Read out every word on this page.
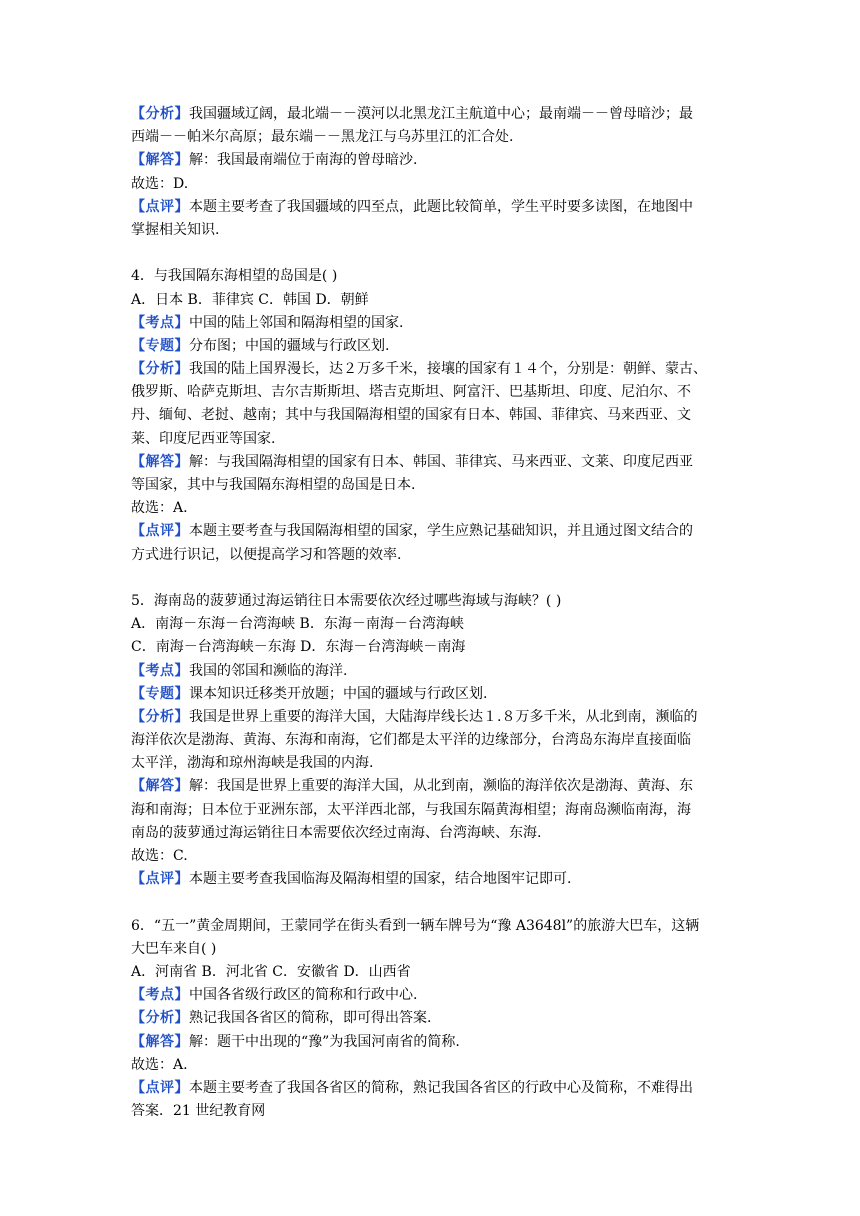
【分析】我国疆域辽阔，最北端－－漠河以北黑龙江主航道中心；最南端－－曾母暗沙；最
西端－－帕米尔高原；最东端－－黑龙江与乌苏里江的汇合处.
【解答】解：我国最南端位于南海的曾母暗沙.
故选：D.
【点评】本题主要考查了我国疆域的四至点，此题比较简单，学生平时要多读图，在地图中
掌握相关知识.
4．与我国隔东海相望的岛国是( )
A．日本 B．菲律宾 C．韩国 D．朝鲜
【考点】中国的陆上邻国和隔海相望的国家.
【专题】分布图；中国的疆域与行政区划.
【分析】我国的陆上国界漫长，达２万多千米，接壤的国家有１４个，分别是：朝鲜、蒙古、
俄罗斯、哈萨克斯坦、吉尔吉斯斯坦、塔吉克斯坦、阿富汗、巴基斯坦、印度、尼泊尔、不
丹、缅甸、老挝、越南；其中与我国隔海相望的国家有日本、韩国、菲律宾、马来西亚、文
莱、印度尼西亚等国家.
【解答】解：与我国隔海相望的国家有日本、韩国、菲律宾、马来西亚、文莱、印度尼西亚
等国家，其中与我国隔东海相望的岛国是日本.
故选：A.
【点评】本题主要考查与我国隔海相望的国家，学生应熟记基础知识，并且通过图文结合的
方式进行识记，以便提高学习和答题的效率.
5．海南岛的菠萝通过海运销往日本需要依次经过哪些海域与海峡？( )
A．南海－东海－台湾海峡 B．东海－南海－台湾海峡
C．南海－台湾海峡－东海 D．东海－台湾海峡－南海
【考点】我国的邻国和濒临的海洋.
【专题】课本知识迁移类开放题；中国的疆域与行政区划.
【分析】我国是世界上重要的海洋大国，大陆海岸线长达１.８万多千米，从北到南，濒临的
海洋依次是渤海、黄海、东海和南海，它们都是太平洋的边缘部分，台湾岛东海岸直接面临
太平洋，渤海和琼州海峡是我国的内海.
【解答】解：我国是世界上重要的海洋大国，从北到南，濒临的海洋依次是渤海、黄海、东
海和南海；日本位于亚洲东部，太平洋西北部，与我国东隔黄海相望；海南岛濒临南海，海
南岛的菠萝通过海运销往日本需要依次经过南海、台湾海峡、东海.
故选：C.
【点评】本题主要考查我国临海及隔海相望的国家，结合地图牢记即可.
6．“五一”黄金周期间，王蒙同学在街头看到一辆车牌号为“豫 A3648l”的旅游大巴车，这辆
大巴车来自( )
A．河南省 B．河北省 C．安徽省 D．山西省
【考点】中国各省级行政区的简称和行政中心.
【分析】熟记我国各省区的简称，即可得出答案.
【解答】解：题干中出现的“豫”为我国河南省的简称.
故选：A.
【点评】本题主要考查了我国各省区的简称，熟记我国各省区的行政中心及简称，不难得出
答案．21 世纪教育网
